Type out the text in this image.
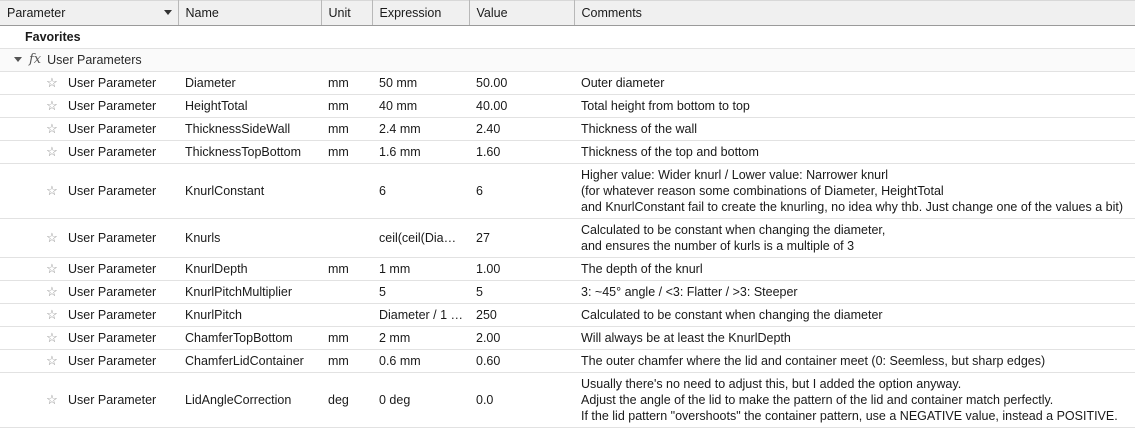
Parameter	Name	Unit	Expression	Value	Comments

Favorites					

fx User Parameters					

☆ User Parameter	Diameter	mm	50 mm	50.00	Outer diameter

☆ User Parameter	HeightTotal	mm	40 mm	40.00	Total height from bottom to top

☆ User Parameter	ThicknessSideWall	mm	2.4 mm	2.40	Thickness of the wall

☆ User Parameter	ThicknessTopBottom	mm	1.6 mm	1.60	Thickness of the top and bottom

☆ User Parameter	KnurlConstant		6	6	Higher value: Wider knurl / Lower value: Narrower knurl
(for whatever reason some combinations of Diameter, HeightTotal
and KnurlConstant fail to create the knurling, no idea why thb. Just change one of the values a bit)

☆ User Parameter	Knurls		ceil(ceil(Dia…	27	Calculated to be constant when changing the diameter,
and ensures the number of kurls is a multiple of 3

☆ User Parameter	KnurlDepth	mm	1 mm	1.00	The depth of the knurl

☆ User Parameter	KnurlPitchMultiplier		5	5	3: ~45° angle / <3: Flatter / >3: Steeper

☆ User Parameter	KnurlPitch		Diameter / 1 …	250	Calculated to be constant when changing the diameter

☆ User Parameter	ChamferTopBottom	mm	2 mm	2.00	Will always be at least the KnurlDepth

☆ User Parameter	ChamferLidContainer	mm	0.6 mm	0.60	The outer chamfer where the lid and container meet (0: Seemless, but sharp edges)

☆ User Parameter	LidAngleCorrection	deg	0 deg	0.0	Usually there's no need to adjust this, but I added the option anyway.
Adjust the angle of the lid to make the pattern of the lid and container match perfectly.
If the lid pattern "overshoots" the container pattern, use a NEGATIVE value, instead a POSITIVE.
